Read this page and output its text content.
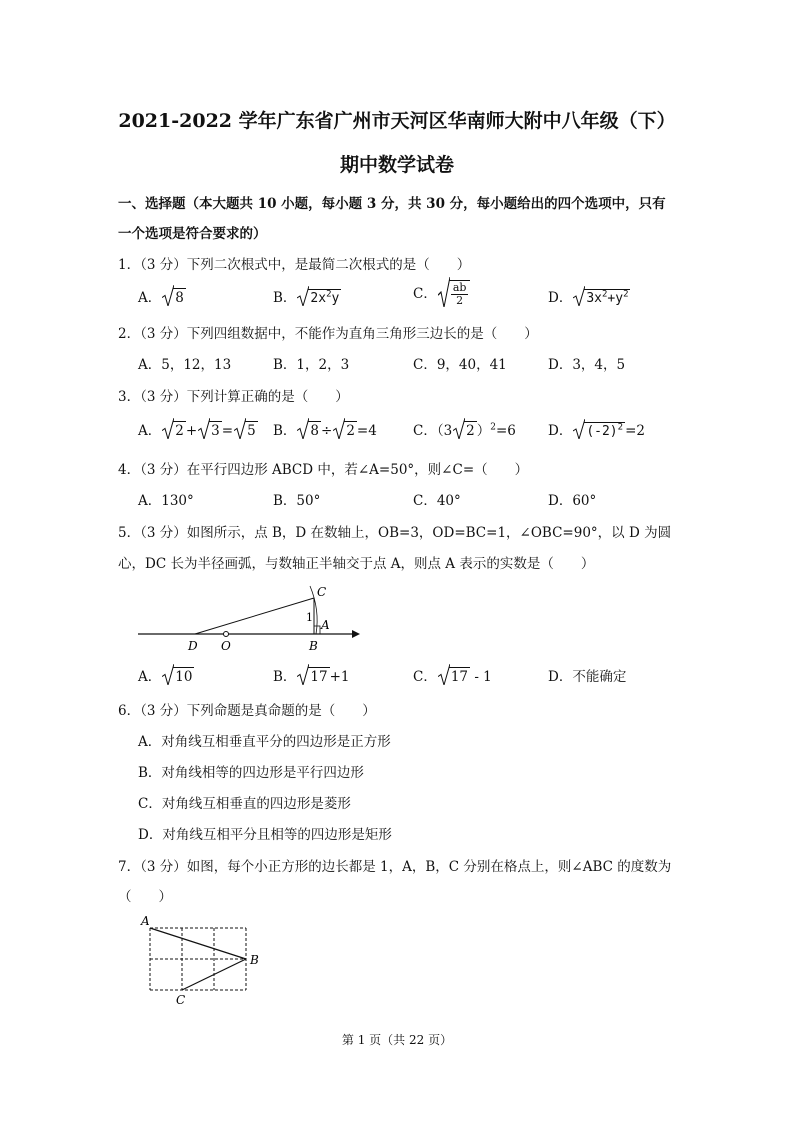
2021-2022 学年广东省广州市天河区华南师大附中八年级（下）
期中数学试卷
一、选择题（本大题共 10 小题，每小题 3 分，共 30 分，每小题给出的四个选项中，只有
一个选项是符合要求的）
1．（3 分）下列二次根式中，是最简二次根式的是（　　）
A． 8	B． $2x^2y$	C． $\frac{ab}{2}$	D． $3x^2+y^2$
2．（3 分）下列四组数据中，不能作为直角三角形三边长的是（　　）
A．5，12，13	B．1，2，3	C．9，40，41	D．3，4，5
3．（3 分）下列计算正确的是（　　）
A． 2 + 3 = 5 B． 8 ÷ 2 =4	C．（3 2 ）$^2$=6 D． $(-2)^2 =2$
4．（3 分）在平行四边形 ABCD 中，若∠A=50°，则∠C=（　　）
A．130°	B．50°	C．40°	D．60°
5．（3 分）如图所示，点 B，D 在数轴上，OB=3，OD=BC=1，∠OBC=90°，以 D 为圆
心，DC 长为半径画弧，与数轴正半轴交于点 A，则点 A 表示的实数是（　　）
C
1
A
D O	B
A． 10	B． 17 +1	C． 17 - 1	D．不能确定
6．（3 分）下列命题是真命题的是（　　）
A．对角线互相垂直平分的四边形是正方形
B．对角线相等的四边形是平行四边形
C．对角线互相垂直的四边形是菱形
D．对角线互相平分且相等的四边形是矩形
7．（3 分）如图，每个小正方形的边长都是 1，A，B，C 分别在格点上，则∠ABC 的度数为
（　　）
A
B
C
第 1 页（共 22 页）
